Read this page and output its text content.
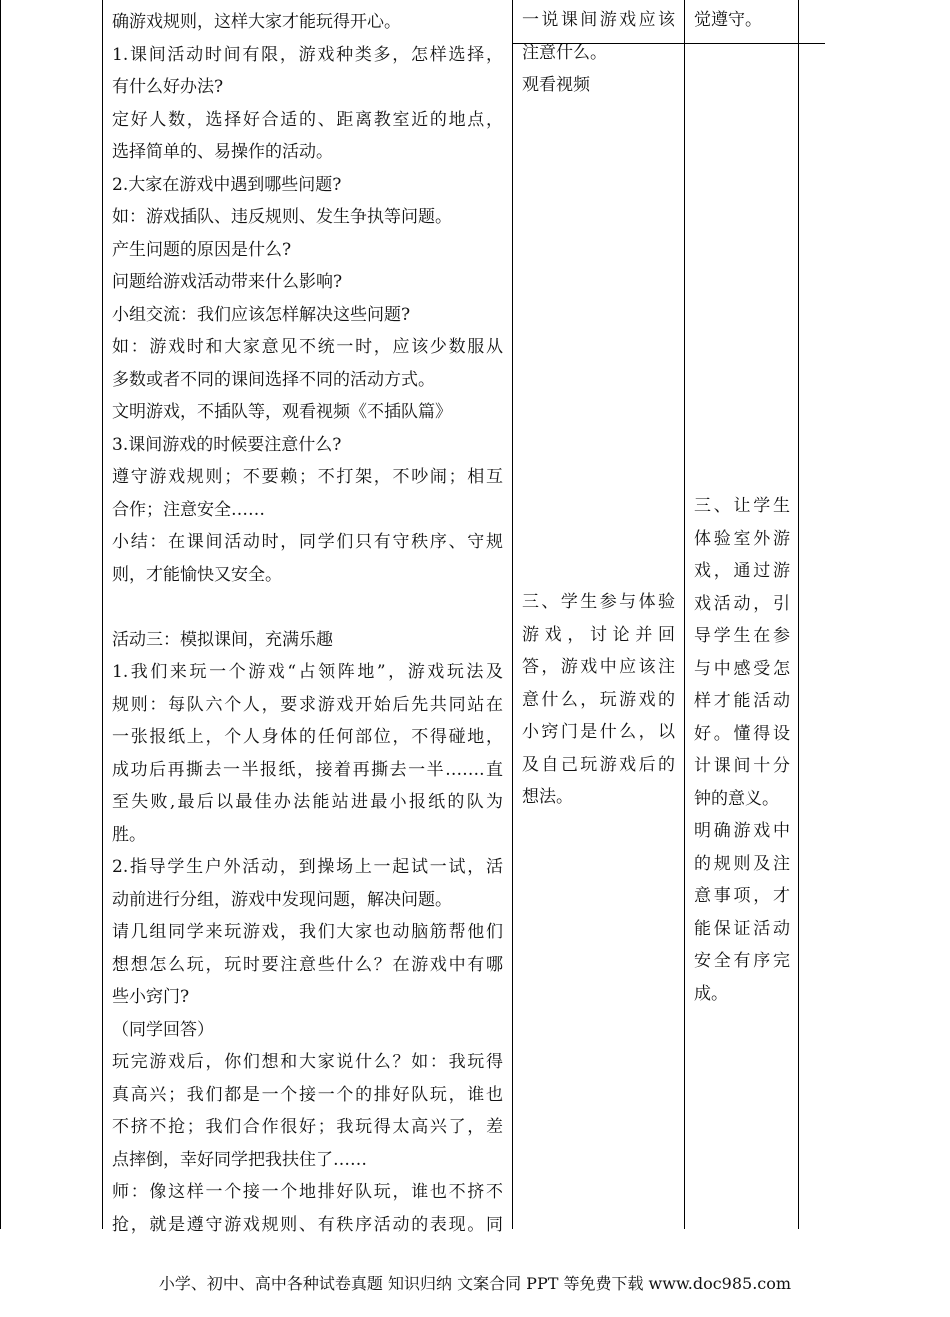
确游戏规则，这样大家才能玩得开心。

1.课间活动时间有限，游戏种类多，怎样选择，

有什么好办法?

定好人数，选择好合适的、距离教室近的地点，

选择简单的、易操作的活动。

2.大家在游戏中遇到哪些问题?

如：游戏插队、违反规则、发生争执等问题。

产生问题的原因是什么?

问题给游戏活动带来什么影响?

小组交流：我们应该怎样解决这些问题?

如：游戏时和大家意见不统一时，应该少数服从

多数或者不同的课间选择不同的活动方式。

文明游戏，不插队等，观看视频《不插队篇》

3.课间游戏的时候要注意什么?

遵守游戏规则；不要赖；不打架，不吵闹；相互

合作；注意安全……

小结：在课间活动时，同学们只有守秩序、守规

则，才能愉快又安全。

活动三：模拟课间，充满乐趣

1.我们来玩一个游戏“占领阵地”，游戏玩法及

规则：每队六个人，要求游戏开始后先共同站在

一张报纸上，个人身体的任何部位，不得碰地，

成功后再撕去一半报纸，接着再撕去一半…….直

至失败,最后以最佳办法能站进最小报纸的队为

胜。

2.指导学生户外活动，到操场上一起试一试，活

动前进行分组，游戏中发现问题，解决问题。

请几组同学来玩游戏，我们大家也动脑筋帮他们

想想怎么玩，玩时要注意些什么？在游戏中有哪

些小窍门?

（同学回答）

玩完游戏后，你们想和大家说什么？如：我玩得

真高兴；我们都是一个接一个的排好队玩，谁也

不挤不抢；我们合作很好；我玩得太高兴了，差

点摔倒，幸好同学把我扶住了……

师：像这样一个接一个地排好队玩，谁也不挤不

抢，就是遵守游戏规则、有秩序活动的表现。同

一说课间游戏应该

注意什么。

观看视频

三、学生参与体验

游戏，讨论并回

答，游戏中应该注

意什么，玩游戏的

小窍门是什么，以

及自己玩游戏后的

想法。

觉遵守。

三、让学生

体验室外游

戏，通过游

戏活动，引

导学生在参

与中感受怎

样才能活动

好。懂得设

计课间十分

钟的意义。

明确游戏中

的规则及注

意事项，才

能保证活动

安全有序完

成。

小学、初中、高中各种试卷真题 知识归纳 文案合同 PPT 等免费下载 www.doc985.com
